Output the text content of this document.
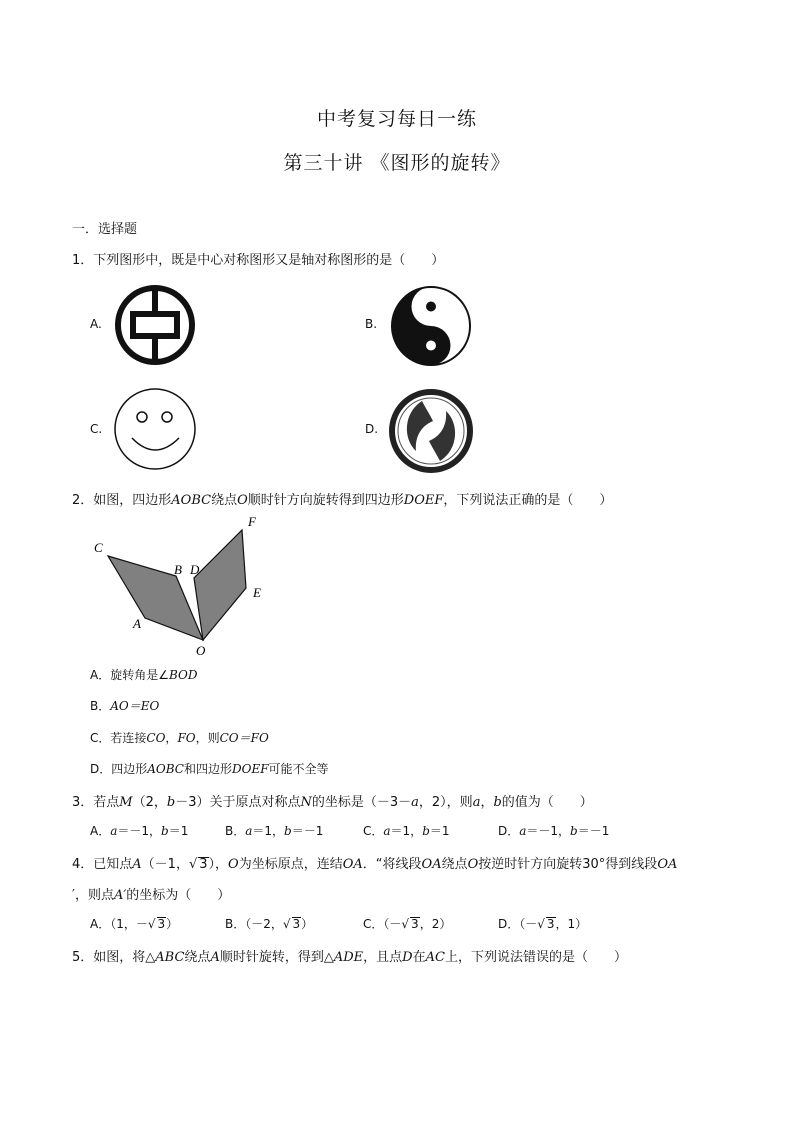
中考复习每日一练
第三十讲 《图形的旋转》
一．选择题
1．下列图形中，既是中心对称图形又是轴对称图形的是（　　）
A.	B.
C.	D.
2．如图，四边形AOBC绕点O顺时针方向旋转得到四边形DOEF，下列说法正确的是（　　）
C
B D
F
E
A
O
A．旋转角是∠BOD
B．AO＝EO
C．若连接CO，FO，则CO＝FO
D．四边形AOBC和四边形DOEF可能不全等
3．若点M（2，b－3）关于原点对称点N的坐标是（－3－a，2），则a，b的值为（　　）
A．a＝－1，b＝1	B．a＝1，b＝－1	C．a＝1，b＝1	D．a＝－1，b＝－1
4．已知点A（－1，√ 3），O为坐标原点，连结OA．“将线段OA绕点O按逆时针方向旋转30°得到线段OA
′，则点A′的坐标为（　　）
A．（1，－√ 3）	B．（－2，√ 3）	C．（－√ 3，2）	D．（－√ 3，1）
5．如图，将△ABC绕点A顺时针旋转，得到△ADE，且点D在AC上，下列说法错误的是（　　）
